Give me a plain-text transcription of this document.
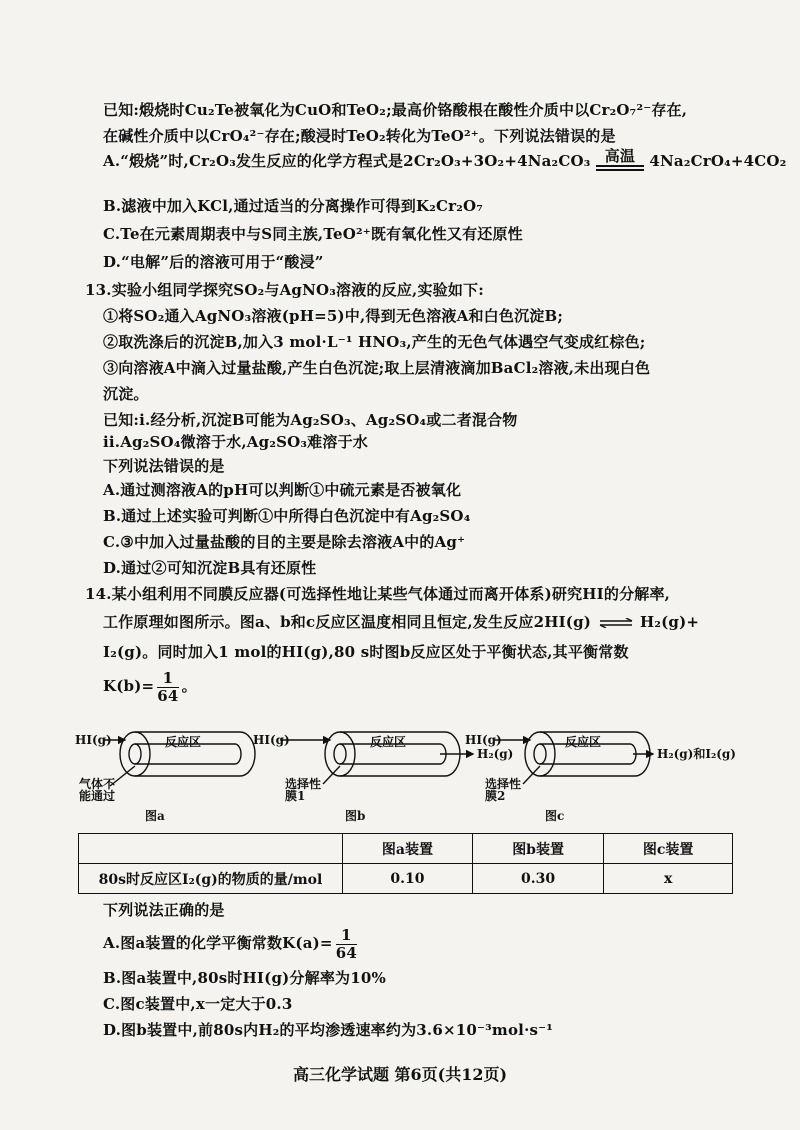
已知:煅烧时Cu₂Te被氧化为CuO和TeO₂;最高价铬酸根在酸性介质中以Cr₂O₇²⁻存在,
在碱性介质中以CrO₄²⁻存在;酸浸时TeO₂转化为TeO²⁺。下列说法错误的是
A.“煅烧”时,Cr₂O₃发生反应的化学方程式是2Cr₂O₃+3O₂+4Na₂CO₃ 高温 4Na₂CrO₄+4CO₂
B.滤液中加入KCl,通过适当的分离操作可得到K₂Cr₂O₇
C.Te在元素周期表中与S同主族,TeO²⁺既有氧化性又有还原性
D.“电解”后的溶液可用于“酸浸”
13.实验小组同学探究SO₂与AgNO₃溶液的反应,实验如下:
①将SO₂通入AgNO₃溶液(pH=5)中,得到无色溶液A和白色沉淀B;
②取洗涤后的沉淀B,加入3 mol·L⁻¹ HNO₃,产生的无色气体遇空气变成红棕色;
③向溶液A中滴入过量盐酸,产生白色沉淀;取上层清液滴加BaCl₂溶液,未出现白色
沉淀。
已知:i.经分析,沉淀B可能为Ag₂SO₃、Ag₂SO₄或二者混合物
ii.Ag₂SO₄微溶于水,Ag₂SO₃难溶于水
下列说法错误的是
A.通过测溶液A的pH可以判断①中硫元素是否被氧化
B.通过上述实验可判断①中所得白色沉淀中有Ag₂SO₄
C.③中加入过量盐酸的目的主要是除去溶液A中的Ag⁺
D.通过②可知沉淀B具有还原性
14.某小组利用不同膜反应器(可选择性地让某些气体通过而离开体系)研究HI的分解率,
工作原理如图所示。图a、b和c反应区温度相同且恒定,发生反应2HI(g) ⇌ H₂(g)+
I₂(g)。同时加入1 mol的HI(g),80 s时图b反应区处于平衡状态,其平衡常数
$K(b)= \frac{1}{64}$ 。
HI(g)	反应区
气体不
能通过
图a
HI(g)	反应区
H₂(g)
选择性
膜1
图b
HI(g)	反应区
H₂(g)和I₂(g)
选择性
膜2
图c
	图a装置	图b装置	图c装置
80s时反应区I₂(g)的物质的量/mol	0.10	0.30	x
下列说法正确的是
A.图a装置的化学平衡常数$K(a)= \frac{1}{64}$
B.图a装置中,80s时HI(g)分解率为10%
C.图c装置中,x一定大于0.3
D.图b装置中,前80s内H₂的平均渗透速率约为3.6×10⁻³mol·s⁻¹
高三化学试题 第6页(共12页)
